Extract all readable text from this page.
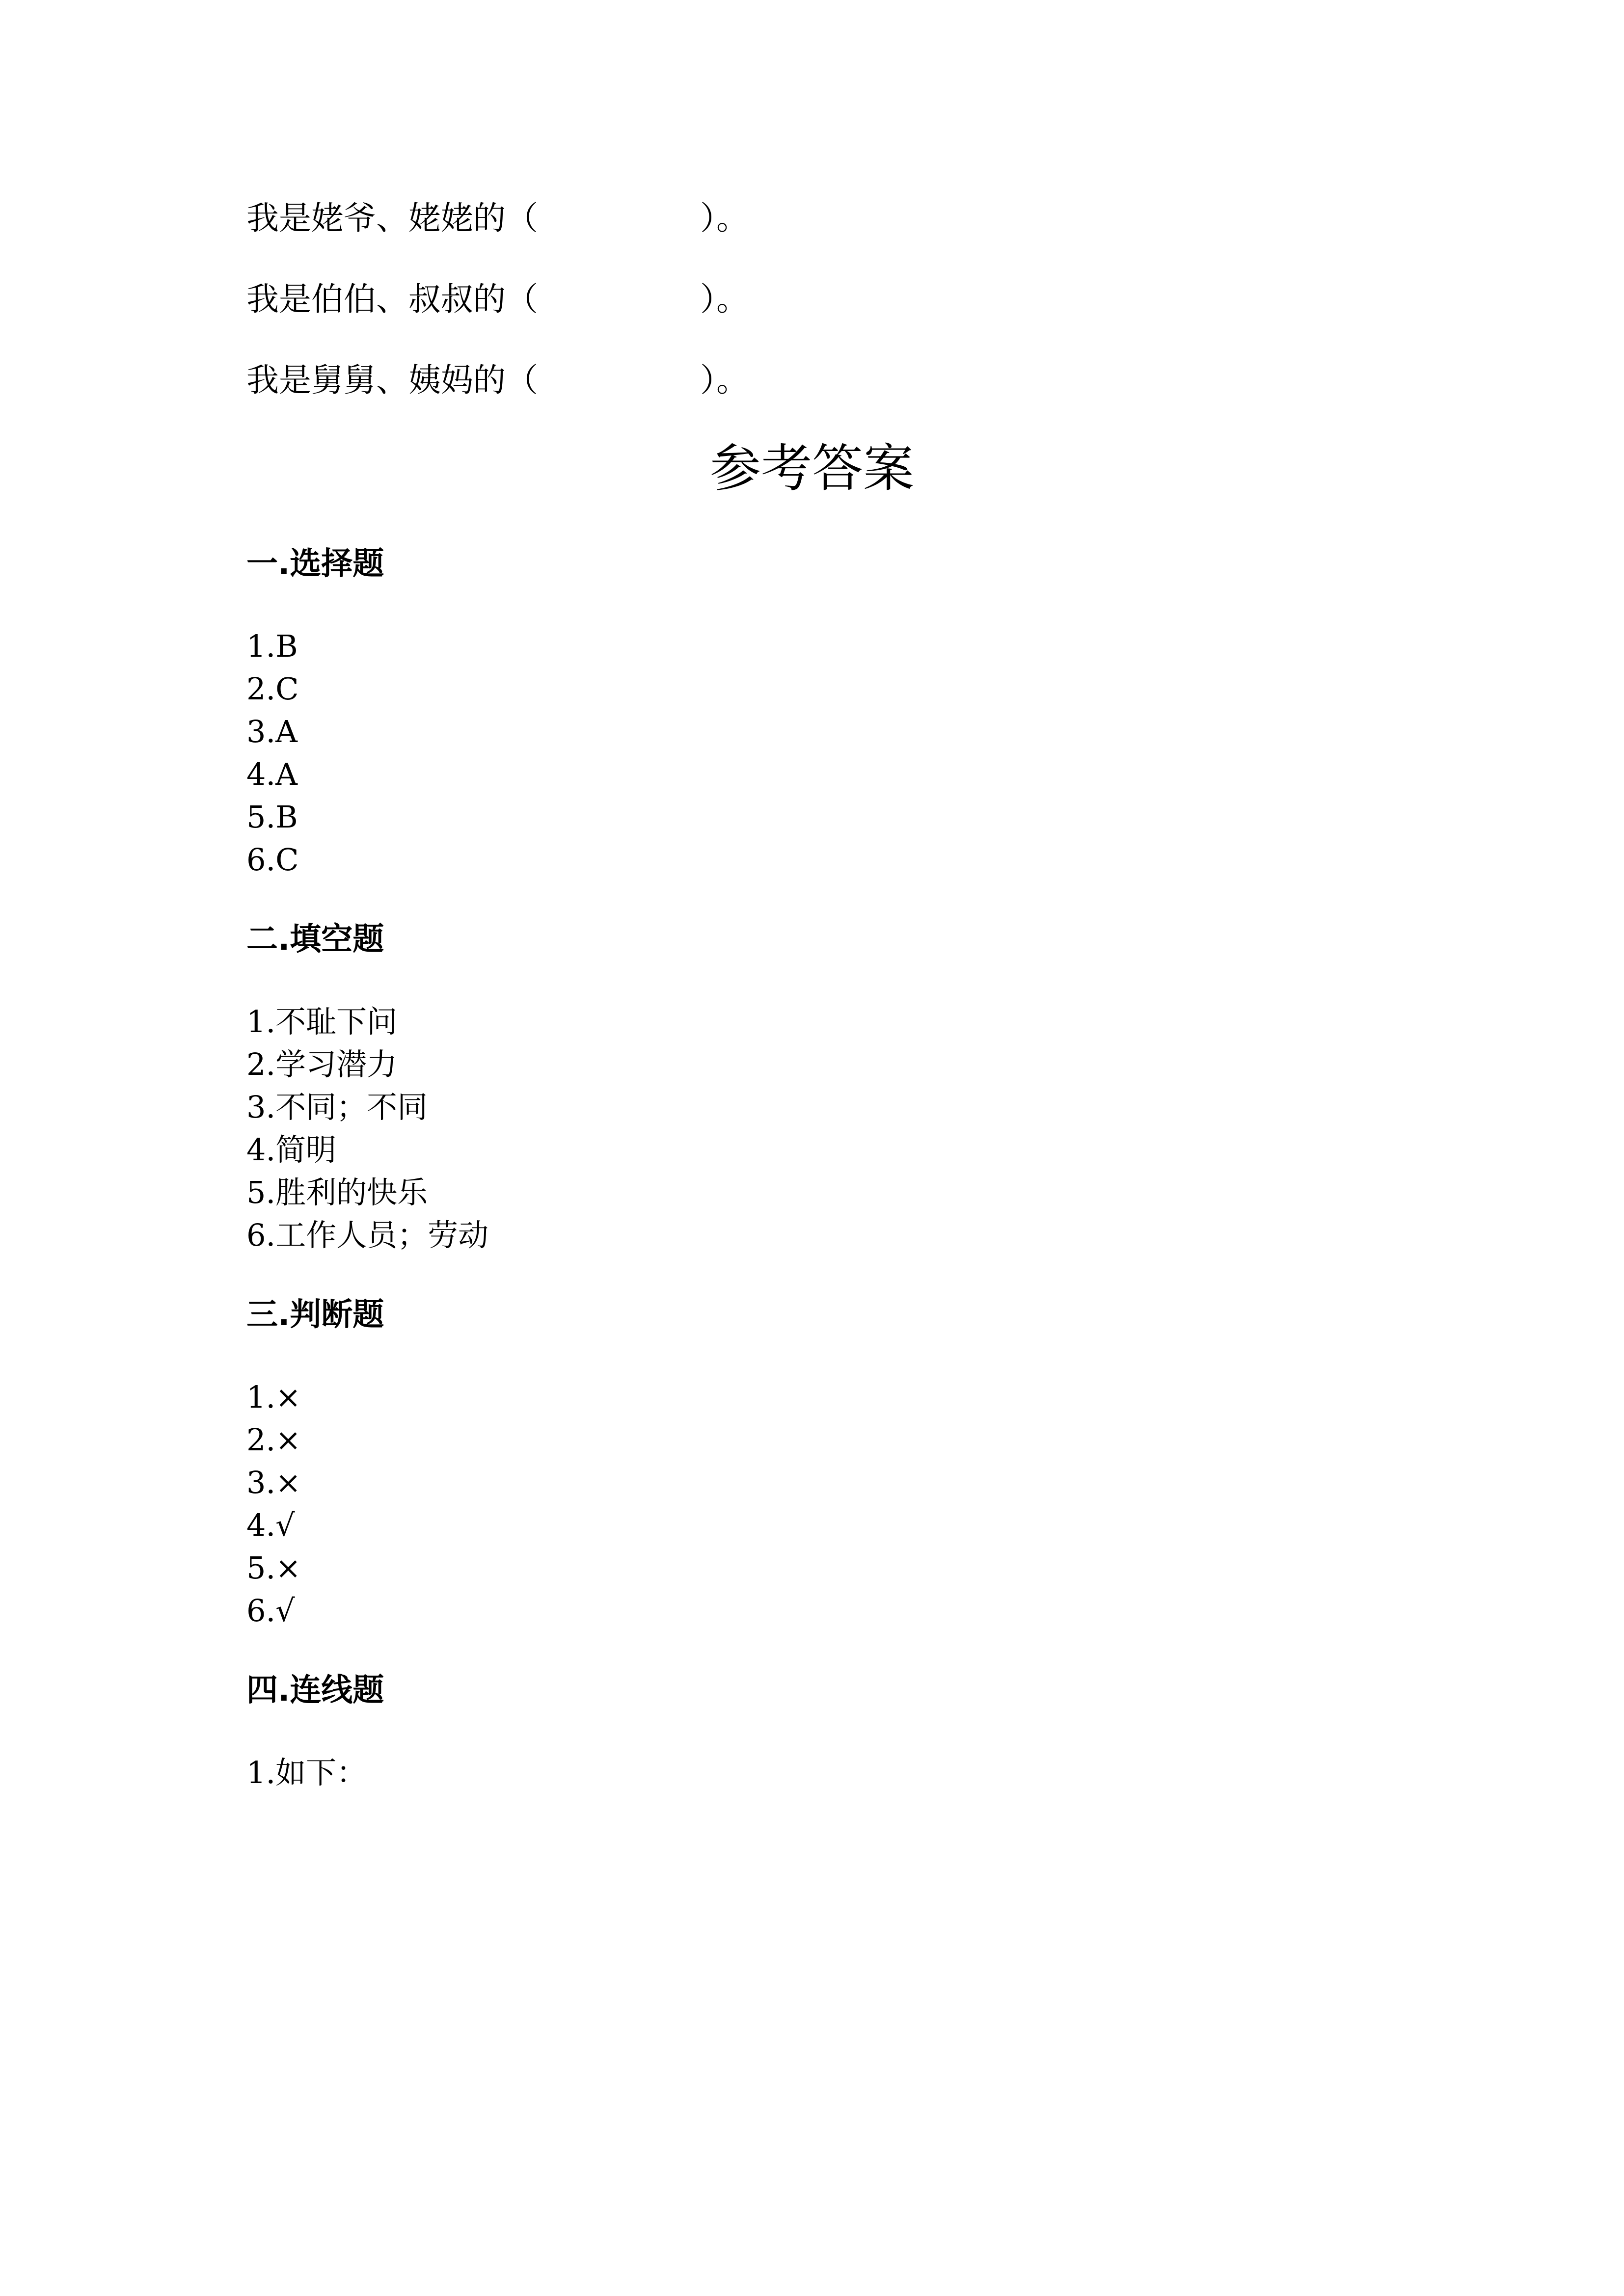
我是姥爷、姥姥的（	）。
我是伯伯、叔叔的（	）。
我是舅舅、姨妈的（	）。
参考答案
一.选择题
1.B
2.C
3.A
4.A
5.B
6.C
二.填空题
1.不耻下问
2.学习潜力
3.不同；不同
4.简明
5.胜利的快乐
6.工作人员；劳动
三.判断题
1.×
2.×
3.×
4.√
5.×
6.√
四.连线题
1.如下：
